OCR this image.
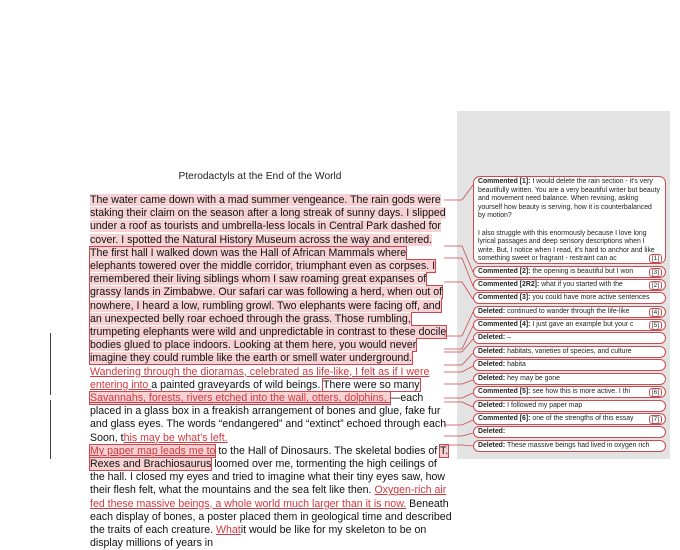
Pterodactyls at the End of the World

The water came down with a mad summer vengeance. The rain gods were staking their claim on the season after a long streak of sunny days. I slipped under a roof as tourists and umbrella-less locals in Central Park dashed for cover. I spotted the Natural History Museum across the way and entered. The first hall I walked down was the Hall of African Mammals where elephants towered over the middle corridor, triumphant even as corpses. I remembered their living siblings whom I saw roaming great expanses of grassy lands in Zimbabwe. Our safari car was following a herd, when out of nowhere, I heard a low, rumbling growl. Two elephants were facing off, and an unexpected belly roar echoed through the grass. Those rumbling, trumpeting elephants were wild and unpredictable in contrast to these docile bodies glued to place indoors. Looking at them here, you would never imagine they could rumble like the earth or smell water underground.

Wandering through the dioramas, celebrated as life-like, I felt as if I were entering into a painted graveyards of wild beings. There were so many Savannahs, forests, rivers etched into the wall, otters, dolphins, —each placed in a glass box in a freakish arrangement of bones and glue, fake fur and glass eyes. The words “endangered” and “extinct” echoed through each Soon, this may be what’s left.

My paper map leads me to to the Hall of Dinosaurs. The skeletal bodies of T. Rexes and Brachiosaurus loomed over me, tormenting the high ceilings of the hall. I closed my eyes and tried to imagine what their tiny eyes saw, how their flesh felt, what the mountains and the sea felt like then. Oxygen-rich air fed these massive beings, a whole world much larger than it is now. Beneath each display of bones, a poster placed them in geological time and described the traits of each creature. Whatit would be like for my skeleton to be on display millions of years in

Commented [1]: I would delete the rain section - it's very beautifully written. You are a very beautiful writer but beauty and movement need balance. When revising, asking yourself how beauty is serving, how it is counterbalanced by motion?

I also struggle with this enormously because I love long lyrical passages and deep sensory descriptions when I write. But, I notice when I read, it's hard to anchor and like something sweet or fragrant - restraint can ac	[1]
Commented [2]: the opening is beautiful but I won	[3]
Commented [2R2]: what if you started with the	[2]
Commented [3]: you could have more active sentences
Deleted: continued to wander through the life-like	[4]
Commented [4]: I just gave an example but your c	[5]
Deleted: –
Deleted: habitats, varieties of species, and culture
Deleted: habita
Deleted: hey may be gone
Commented [5]: see how this is more active. I thi	[6]
Deleted: I followed my paper map
Commented [6]: one of the strengths of this essay	[7]
Deleted:
Deleted: These massive beings had lived in oxygen rich
